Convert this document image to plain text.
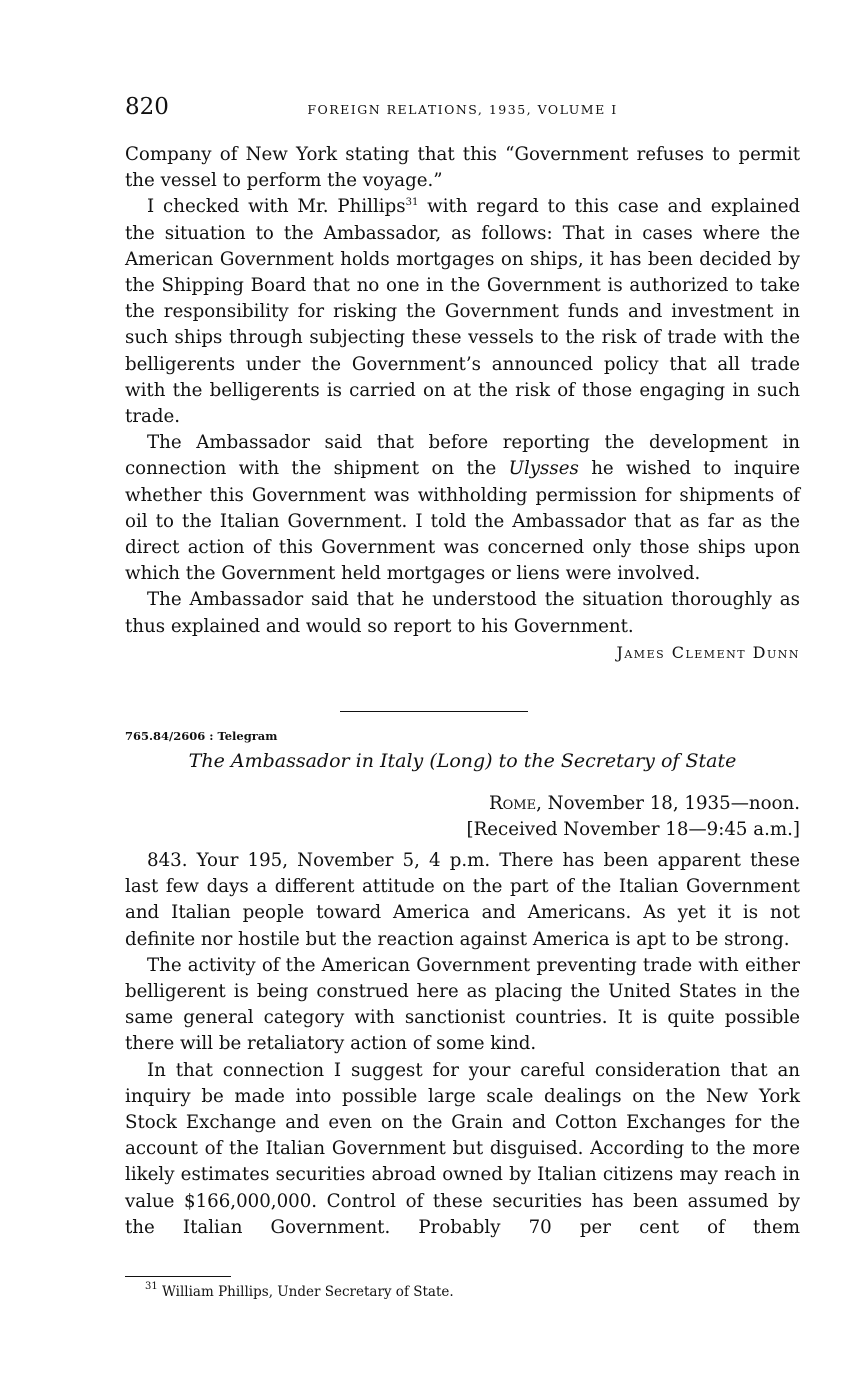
820	FOREIGN RELATIONS, 1935, VOLUME I

Company of New York stating that this “Government refuses to permit the vessel to perform the voyage.”

I checked with Mr. Phillips$^{31}$ with regard to this case and explained the situation to the Ambassador, as follows: That in cases where the American Government holds mortgages on ships, it has been decided by the Shipping Board that no one in the Government is authorized to take the responsibility for risking the Government funds and investment in such ships through subjecting these vessels to the risk of trade with the belligerents under the Government’s announced policy that all trade with the belligerents is carried on at the risk of those engaging in such trade.

The Ambassador said that before reporting the development in connection with the shipment on the Ulysses he wished to inquire whether this Government was withholding permission for shipments of oil to the Italian Government. I told the Ambassador that as far as the direct action of this Government was concerned only those ships upon which the Government held mortgages or liens were involved.

The Ambassador said that he understood the situation thoroughly as thus explained and would so report to his Government.

James Clement Dunn

765.84/2606 : Telegram
The Ambassador in Italy (Long) to the Secretary of State
Rome, November 18, 1935—noon.
[Received November 18—9:45 a.m.]

843. Your 195, November 5, 4 p.m. There has been apparent these last few days a different attitude on the part of the Italian Government and Italian people toward America and Americans. As yet it is not definite nor hostile but the reaction against America is apt to be strong.

The activity of the American Government preventing trade with either belligerent is being construed here as placing the United States in the same general category with sanctionist countries. It is quite possible there will be retaliatory action of some kind.

In that connection I suggest for your careful consideration that an inquiry be made into possible large scale dealings on the New York Stock Exchange and even on the Grain and Cotton Exchanges for the account of the Italian Government but disguised. According to the more likely estimates securities abroad owned by Italian citizens may reach in value $166,000,000. Control of these securities has been assumed by the Italian Government. Probably 70 per cent of them

$^{31}$ William Phillips, Under Secretary of State.
